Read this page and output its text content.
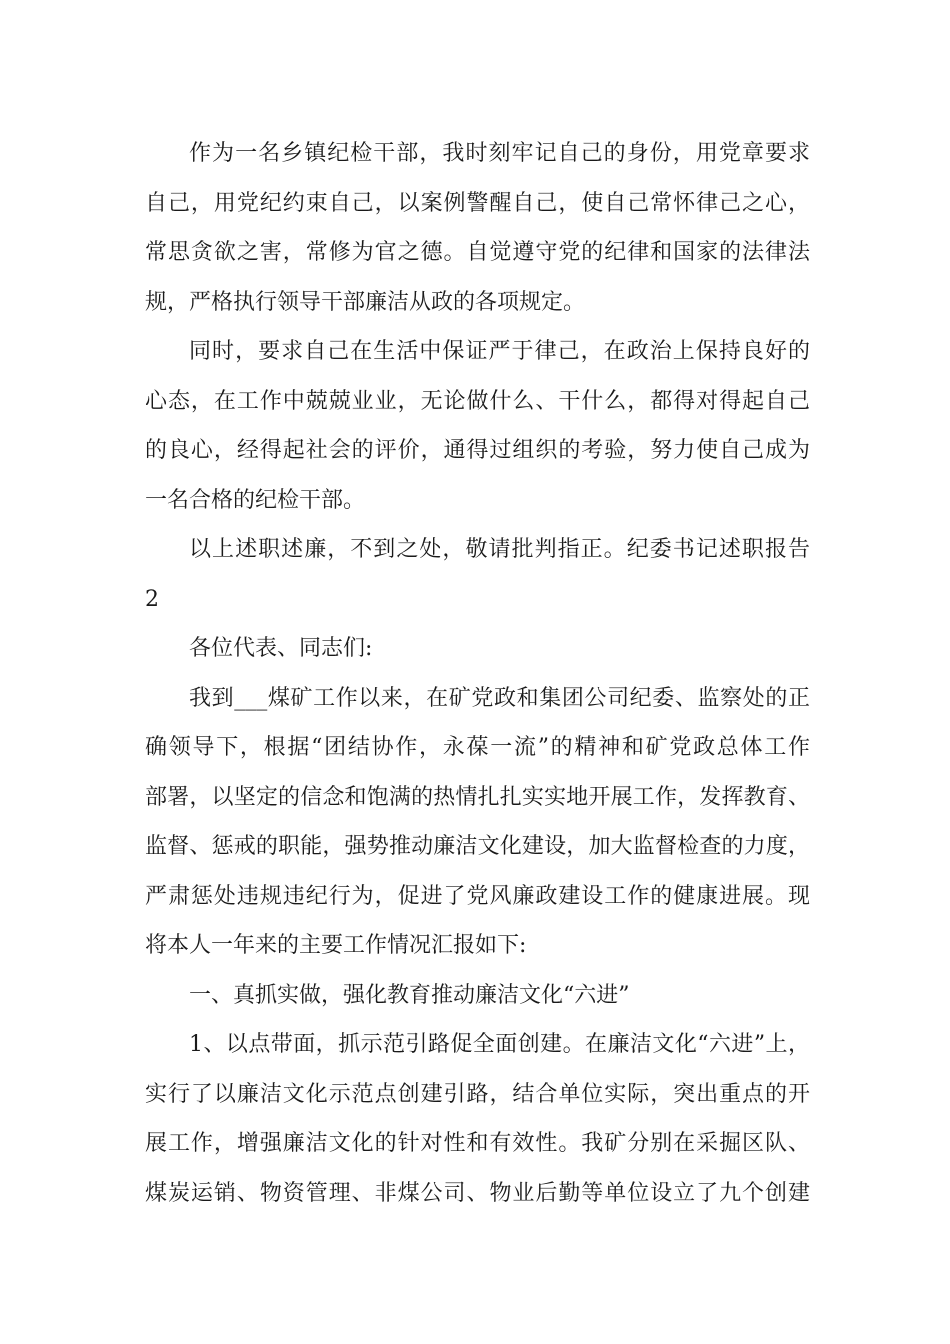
作为一名乡镇纪检干部，我时刻牢记自己的身份，用党章要求
自己，用党纪约束自己，以案例警醒自己，使自己常怀律己之心，
常思贪欲之害，常修为官之德。自觉遵守党的纪律和国家的法律法
规，严格执行领导干部廉洁从政的各项规定。
同时，要求自己在生活中保证严于律己，在政治上保持良好的
心态，在工作中兢兢业业，无论做什么、干什么，都得对得起自己
的良心，经得起社会的评价，通得过组织的考验，努力使自己成为
一名合格的纪检干部。
以上述职述廉，不到之处，敬请批判指正。纪委书记述职报告
2
各位代表、同志们:
我到___煤矿工作以来，在矿党政和集团公司纪委、监察处的正
确领导下，根据“团结协作，永葆一流”的精神和矿党政总体工作
部署，以坚定的信念和饱满的热情扎扎实实地开展工作，发挥教育、
监督、惩戒的职能，强势推动廉洁文化建设，加大监督检查的力度，
严肃惩处违规违纪行为，促进了党风廉政建设工作的健康进展。现
将本人一年来的主要工作情况汇报如下:
一、真抓实做，强化教育推动廉洁文化“六进”
1、以点带面，抓示范引路促全面创建。在廉洁文化“六进”上，
实行了以廉洁文化示范点创建引路，结合单位实际，突出重点的开
展工作，增强廉洁文化的针对性和有效性。我矿分别在采掘区队、
煤炭运销、物资管理、非煤公司、物业后勤等单位设立了九个创建
